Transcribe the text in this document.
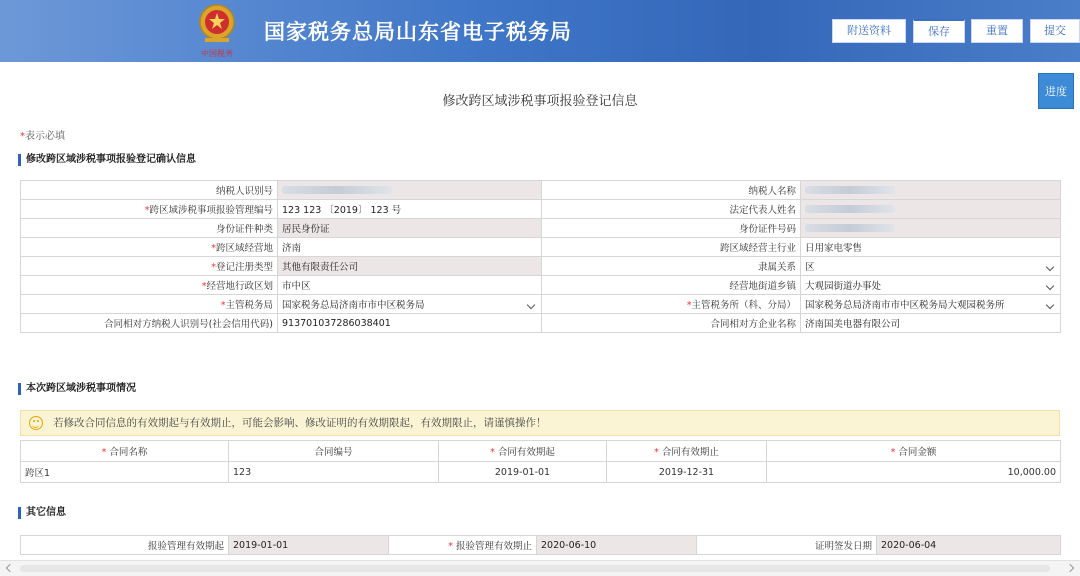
中国税务
国家税务总局山东省电子税务局	附送资料	保存	重置	提交
进度
修改跨区域涉税事项报验登记信息
*表示必填
修改跨区域涉税事项报验登记确认信息
纳税人识别号		纳税人名称	

*跨区域涉税事项报验管理编号	123 123 〔2019〕 123 号	法定代表人姓名	

身份证件种类	居民身份证	身份证件号码	

*跨区域经营地	济南	跨区域经营主行业	日用家电零售

*登记注册类型	其他有限责任公司	隶属关系	区

*经营地行政区划	市中区	经营地街道乡镇	大观园街道办事处

*主管税务局	国家税务总局济南市市中区税务局	*主管税务所（科、分局）	国家税务总局济南市市中区税务局大观园税务所

合同相对方纳税人识别号(社会信用代码)	913701037286038401	合同相对方企业名称	济南国美电器有限公司
本次跨区域涉税事项情况
若修改合同信息的有效期起与有效期止，可能会影响、修改证明的有效期限起，有效期限止，请谨慎操作！
* 合同名称	合同编号	* 合同有效期起	* 合同有效期止	* 合同金额
跨区1	123	2019-01-01	2019-12-31	10,000.00
其它信息
报验管理有效期起	2019-01-01	* 报验管理有效期止	2020-06-10	证明签发日期	2020-06-04
